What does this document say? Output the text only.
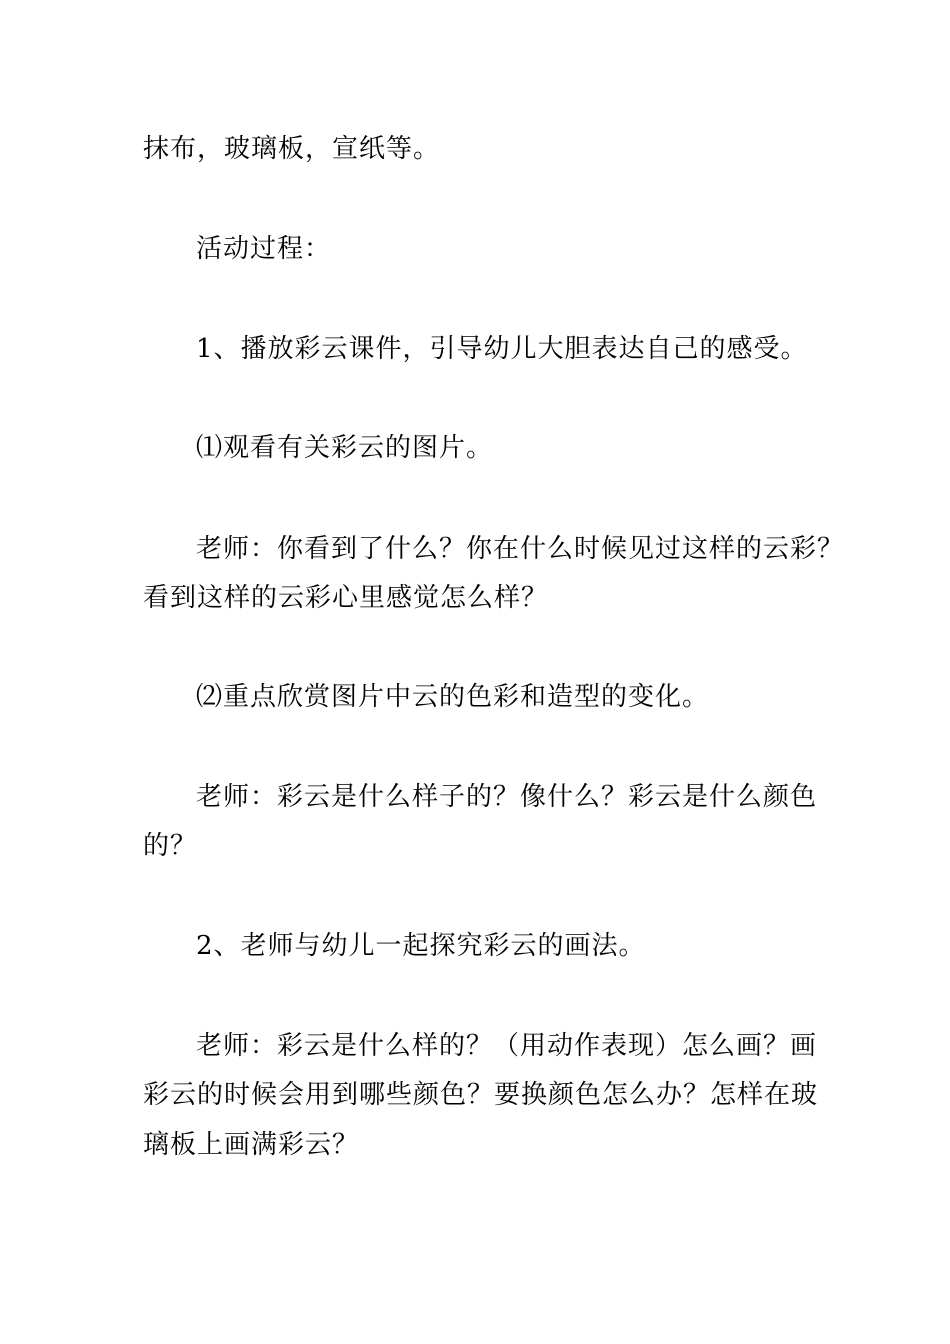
抹布，玻璃板，宣纸等。
活动过程：
1、播放彩云课件，引导幼儿大胆表达自己的感受。
⑴观看有关彩云的图片。
老师：你看到了什么？你在什么时候见过这样的云彩？
看到这样的云彩心里感觉怎么样？
⑵重点欣赏图片中云的色彩和造型的变化。
老师：彩云是什么样子的？像什么？彩云是什么颜色
的？
2、老师与幼儿一起探究彩云的画法。
老师：彩云是什么样的？（用动作表现）怎么画？画
彩云的时候会用到哪些颜色？要换颜色怎么办？怎样在玻
璃板上画满彩云？
